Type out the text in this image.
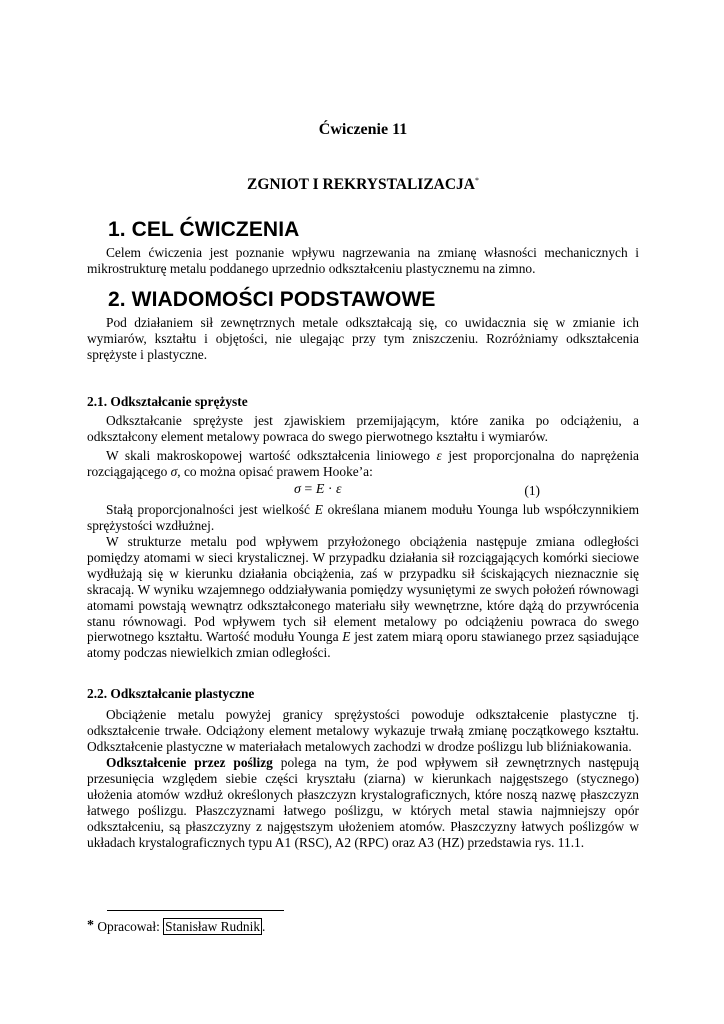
Ćwiczenie 11
ZGNIOT I REKRYSTALIZACJA*
1. CEL ĆWICZENIA
Celem ćwiczenia jest poznanie wpływu nagrzewania na zmianę własności mechanicznych i mikrostrukturę metalu poddanego uprzednio odkształceniu plastycznemu na zimno.
2. WIADOMOŚCI PODSTAWOWE
Pod działaniem sił zewnętrznych metale odkształcają się, co uwidacznia się w zmianie ich wymiarów, kształtu i objętości, nie ulegając przy tym zniszczeniu. Rozróżniamy odkształcenia sprężyste i plastyczne.
2.1. Odkształcanie sprężyste
Odkształcanie sprężyste jest zjawiskiem przemijającym, które zanika po odciążeniu, a odkształcony element metalowy powraca do swego pierwotnego kształtu i wymiarów.
W skali makroskopowej wartość odkształcenia liniowego ε jest proporcjonalna do naprężenia rozciągającego σ, co można opisać prawem Hooke’a:
σ = E · ε	(1)
Stałą proporcjonalności jest wielkość E określana mianem modułu Younga lub współczynnikiem sprężystości wzdłużnej.
W strukturze metalu pod wpływem przyłożonego obciążenia następuje zmiana odległości pomiędzy atomami w sieci krystalicznej. W przypadku działania sił rozciągających komórki sieciowe wydłużają się w kierunku działania obciążenia, zaś w przypadku sił ściskających nieznacznie się skracają. W wyniku wzajemnego oddziaływania pomiędzy wysuniętymi ze swych położeń równowagi atomami powstają wewnątrz odkształconego materiału siły wewnętrzne, które dążą do przywrócenia stanu równowagi. Pod wpływem tych sił element metalowy po odciążeniu powraca do swego pierwotnego kształtu. Wartość modułu Younga E jest zatem miarą oporu stawianego przez sąsiadujące atomy podczas niewielkich zmian odległości.
2.2. Odkształcanie plastyczne
Obciążenie metalu powyżej granicy sprężystości powoduje odkształcenie plastyczne tj. odkształcenie trwałe. Odciążony element metalowy wykazuje trwałą zmianę początkowego kształtu. Odkształcenie plastyczne w materiałach metalowych zachodzi w drodze poślizgu lub bliźniakowania.
Odkształcenie przez poślizg polega na tym, że pod wpływem sił zewnętrznych następują przesunięcia względem siebie części kryształu (ziarna) w kierunkach najgęstszego (stycznego) ułożenia atomów wzdłuż określonych płaszczyzn krystalograficznych, które noszą nazwę płaszczyzn łatwego poślizgu. Płaszczyznami łatwego poślizgu, w których metal stawia najmniejszy opór odkształceniu, są płaszczyzny z najgęstszym ułożeniem atomów. Płaszczyzny łatwych poślizgów w układach krystalograficznych typu A1 (RSC), A2 (RPC) oraz A3 (HZ) przedstawia rys. 11.1.
* Opracował: Stanisław Rudnik .
